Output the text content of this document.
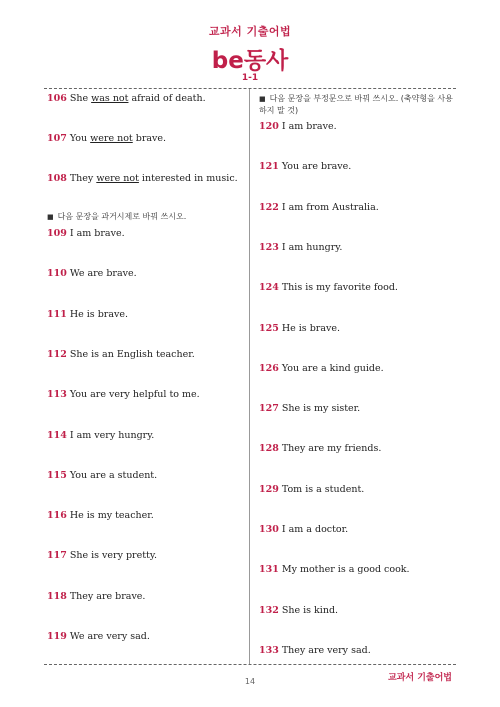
교과서 기출어법
be동사
1-1
106 She was not afraid of death.
107 You were not brave.
108 They were not interested in music.
■ 다음 문장을 과거시제로 바꿔 쓰시오.
109 I am brave.
110 We are brave.
111 He is brave.
112 She is an English teacher.
113 You are very helpful to me.
114 I am very hungry.
115 You are a student.
116 He is my teacher.
117 She is very pretty.
118 They are brave.
119 We are very sad.
■ 다음 문장을 부정문으로 바꿔 쓰시오. (축약형을 사용하지 말 것)
120 I am brave.
121 You are brave.
122 I am from Australia.
123 I am hungry.
124 This is my favorite food.
125 He is brave.
126 You are a kind guide.
127 She is my sister.
128 They are my friends.
129 Tom is a student.
130 I am a doctor.
131 My mother is a good cook.
132 She is kind.
133 They are very sad.
14	교과서 기출어법
